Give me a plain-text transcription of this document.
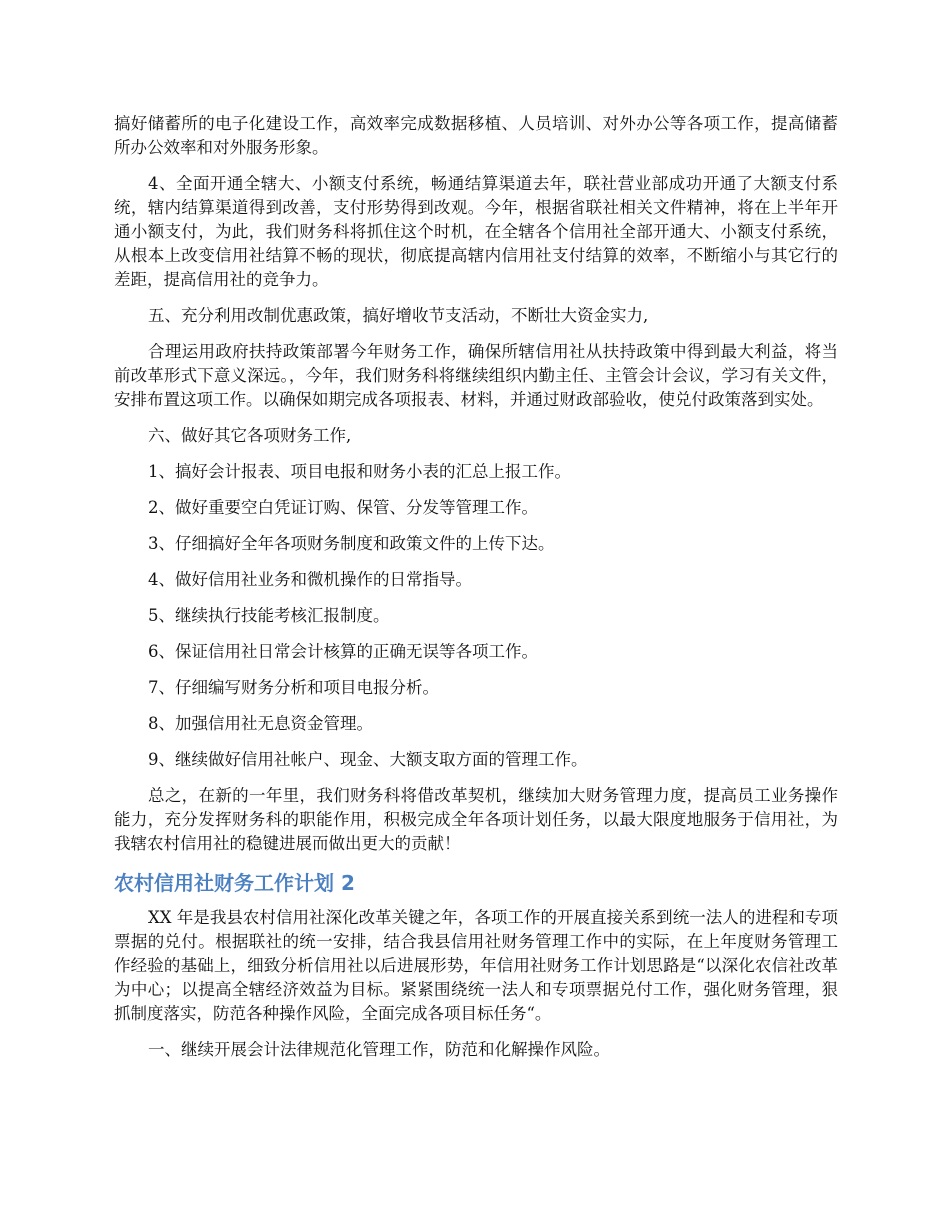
搞好储蓄所的电子化建设工作，高效率完成数据移植、人员培训、对外办公等各项工作，提高储蓄所办公效率和对外服务形象。

4、全面开通全辖大、小额支付系统，畅通结算渠道去年，联社营业部成功开通了大额支付系统，辖内结算渠道得到改善，支付形势得到改观。今年，根据省联社相关文件精神，将在上半年开通小额支付，为此，我们财务科将抓住这个时机，在全辖各个信用社全部开通大、小额支付系统，从根本上改变信用社结算不畅的现状，彻底提高辖内信用社支付结算的效率，不断缩小与其它行的差距，提高信用社的竞争力。

五、充分利用改制优惠政策，搞好增收节支活动，不断壮大资金实力,

合理运用政府扶持政策部署今年财务工作，确保所辖信用社从扶持政策中得到最大利益，将当前改革形式下意义深远。，今年，我们财务科将继续组织内勤主任、主管会计会议，学习有关文件，安排布置这项工作。以确保如期完成各项报表、材料，并通过财政部验收，使兑付政策落到实处。

六、做好其它各项财务工作,

1、搞好会计报表、项目电报和财务小表的汇总上报工作。

2、做好重要空白凭证订购、保管、分发等管理工作。

3、仔细搞好全年各项财务制度和政策文件的上传下达。

4、做好信用社业务和微机操作的日常指导。

5、继续执行技能考核汇报制度。

6、保证信用社日常会计核算的正确无误等各项工作。

7、仔细编写财务分析和项目电报分析。

8、加强信用社无息资金管理。

9、继续做好信用社帐户、现金、大额支取方面的管理工作。

总之，在新的一年里，我们财务科将借改革契机，继续加大财务管理力度，提高员工业务操作能力，充分发挥财务科的职能作用，积极完成全年各项计划任务，以最大限度地服务于信用社，为我辖农村信用社的稳键进展而做出更大的贡献！

农村信用社财务工作计划 2

XX 年是我县农村信用社深化改革关键之年，各项工作的开展直接关系到统一法人的进程和专项票据的兑付。根据联社的统一安排，结合我县信用社财务管理工作中的实际，在上年度财务管理工作经验的基础上，细致分析信用社以后进展形势，年信用社财务工作计划思路是“以深化农信社改革为中心；以提高全辖经济效益为目标。紧紧围绕统一法人和专项票据兑付工作，强化财务管理，狠抓制度落实，防范各种操作风险，全面完成各项目标任务“。

一、继续开展会计法律规范化管理工作，防范和化解操作风险。
